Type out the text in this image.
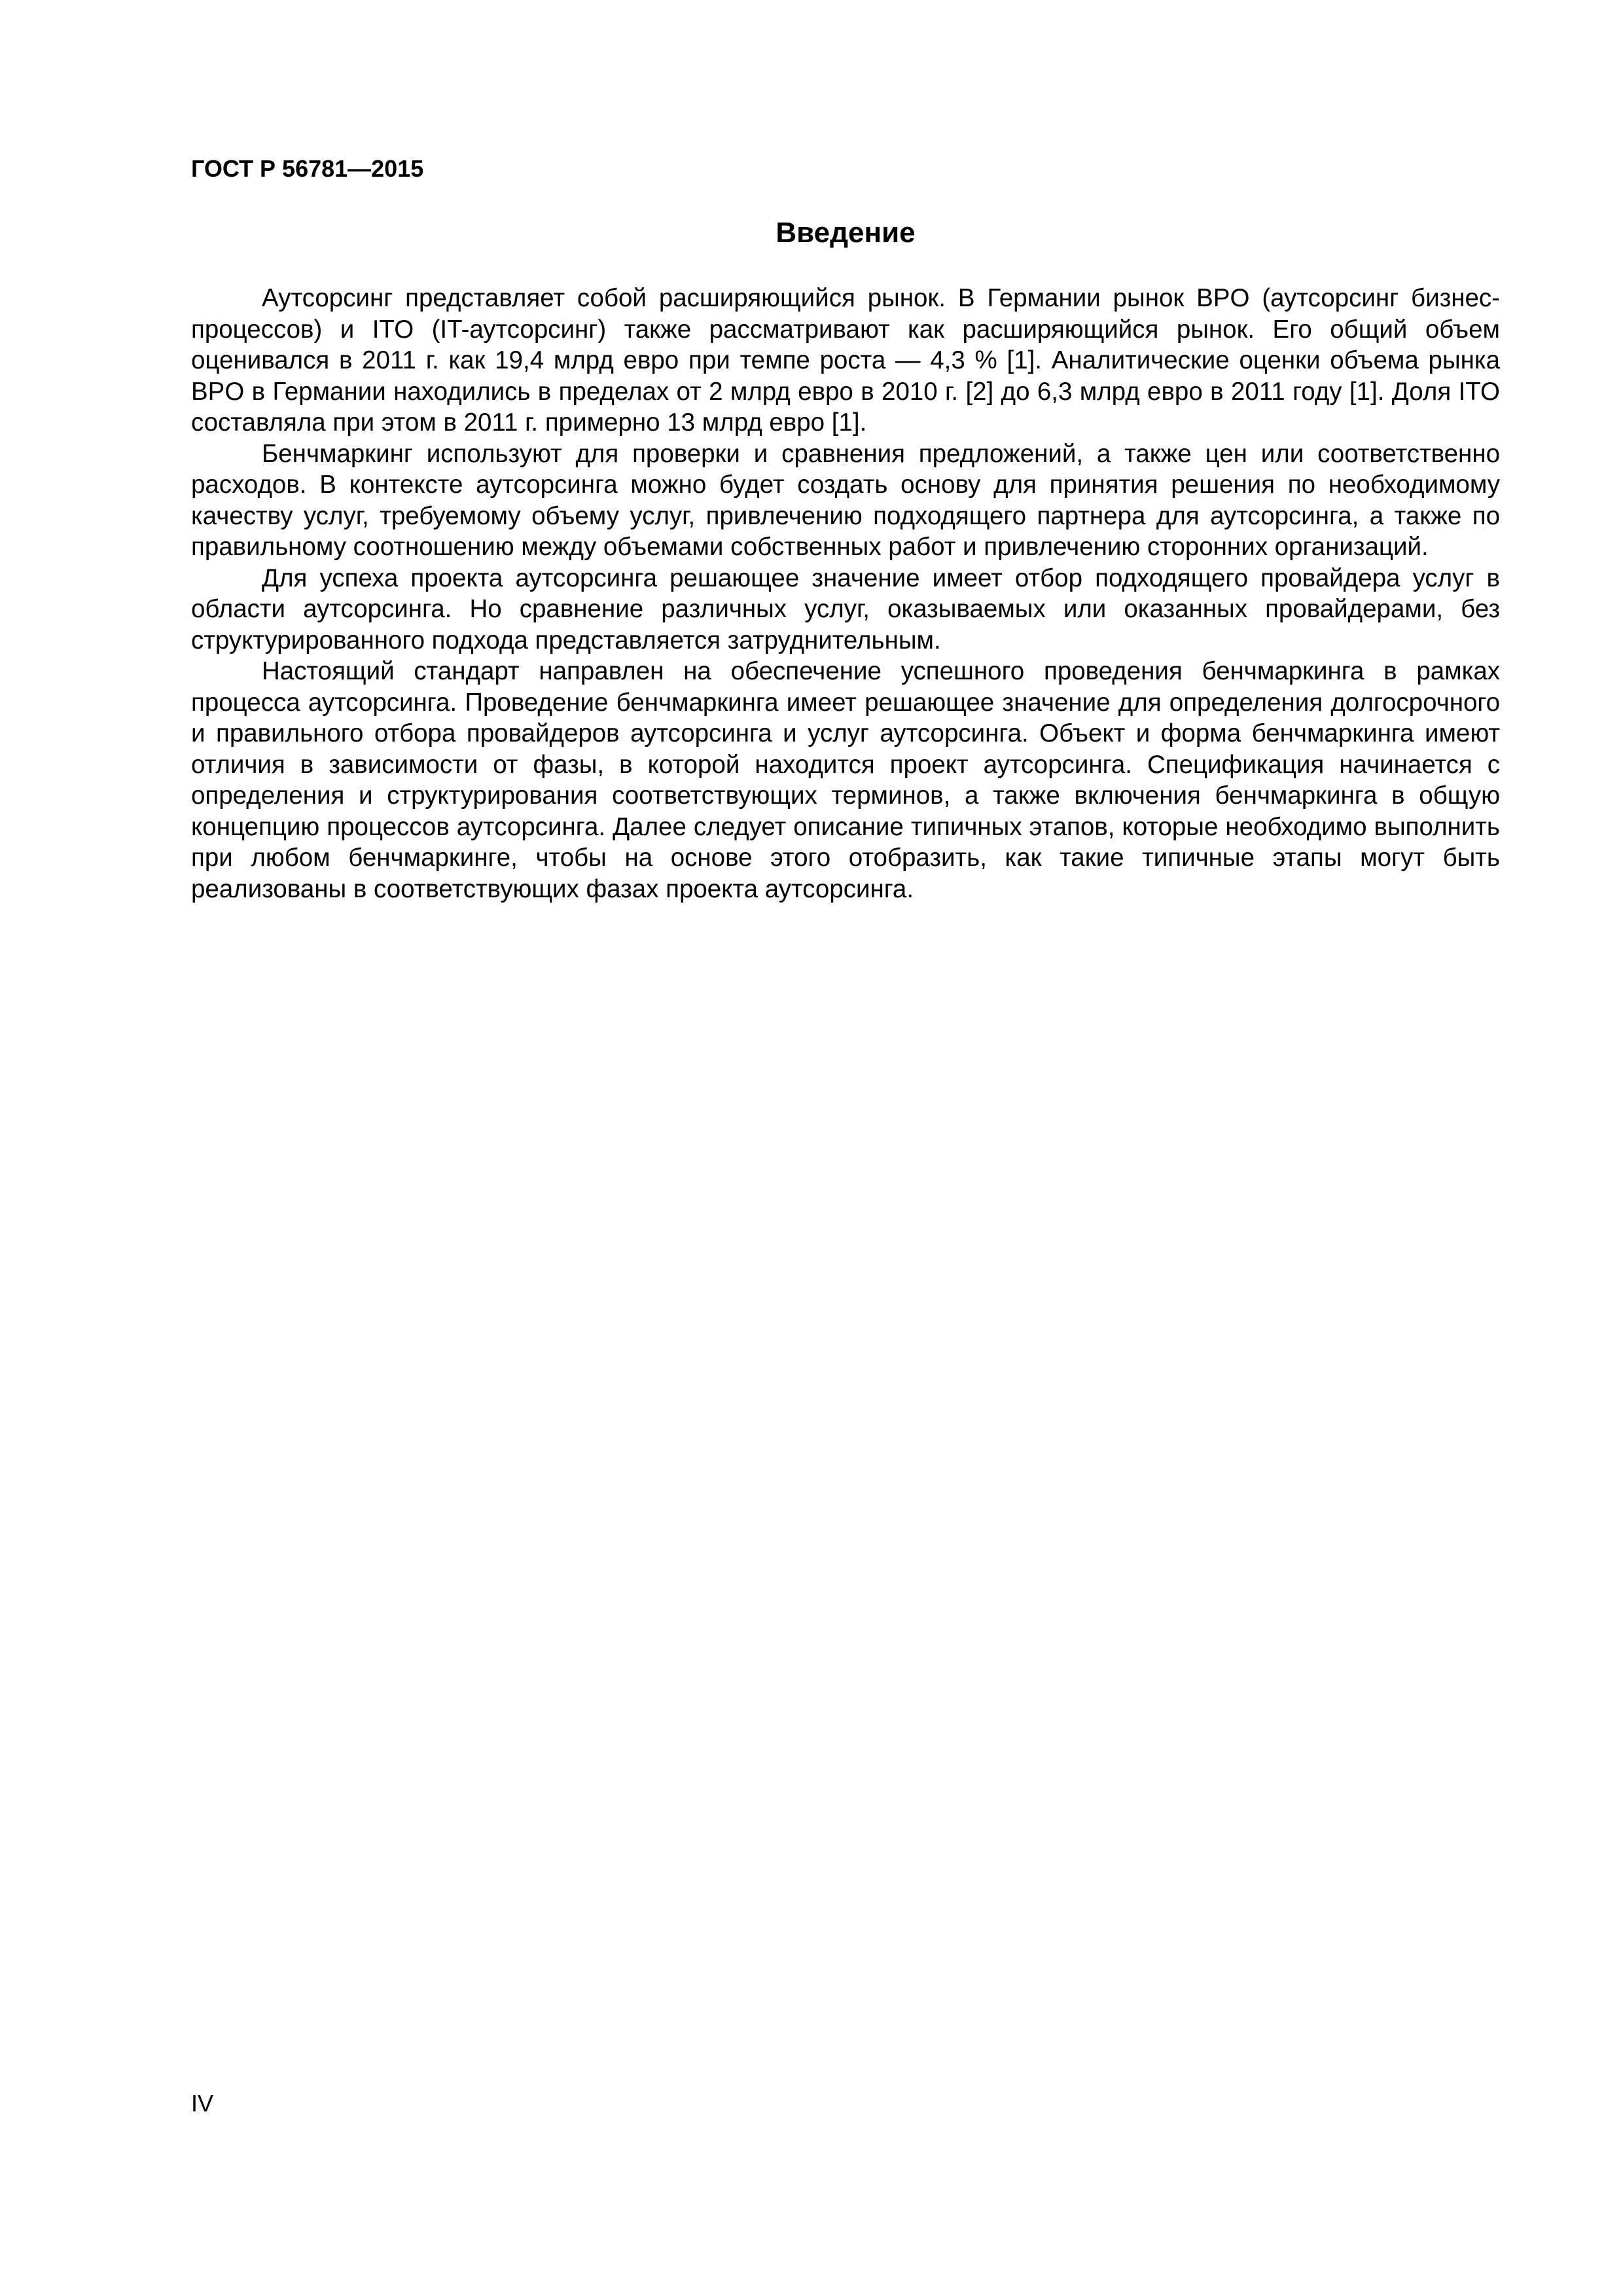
ГОСТ Р 56781—2015

Введение

Аутсорсинг представляет собой расширяющийся рынок. В Германии рынок BPO (аутсорсинг бизнес-процессов) и ITO (IT-аутсорсинг) также рассматривают как расширяющийся рынок. Его общий объем оценивался в 2011 г. как 19,4 млрд евро при темпе роста — 4,3 % [1]. Аналитические оценки объема рынка BPO в Германии находились в пределах от 2 млрд евро в 2010 г. [2] до 6,3 млрд евро в 2011 году [1]. Доля ITO составляла при этом в 2011 г. примерно 13 млрд евро [1].

Бенчмаркинг используют для проверки и сравнения предложений, а также цен или соответственно расходов. В контексте аутсорсинга можно будет создать основу для принятия решения по необходимому качеству услуг, требуемому объему услуг, привлечению подходящего партнера для аутсорсинга, а также по правильному соотношению между объемами собственных работ и привлечению сторонних организаций.

Для успеха проекта аутсорсинга решающее значение имеет отбор подходящего провайдера услуг в области аутсорсинга. Но сравнение различных услуг, оказываемых или оказанных провайдерами, без структурированного подхода представляется затруднительным.

Настоящий стандарт направлен на обеспечение успешного проведения бенчмаркинга в рамках процесса аутсорсинга. Проведение бенчмаркинга имеет решающее значение для определения долгосрочного и правильного отбора провайдеров аутсорсинга и услуг аутсорсинга. Объект и форма бенчмаркинга имеют отличия в зависимости от фазы, в которой находится проект аутсорсинга. Спецификация начинается с определения и структурирования соответствующих терминов, а также включения бенчмаркинга в общую концепцию процессов аутсорсинга. Далее следует описание типичных этапов, которые необходимо выполнить при любом бенчмаркинге, чтобы на основе этого отобразить, как такие типичные этапы могут быть реализованы в соответствующих фазах проекта аутсорсинга.

IV
